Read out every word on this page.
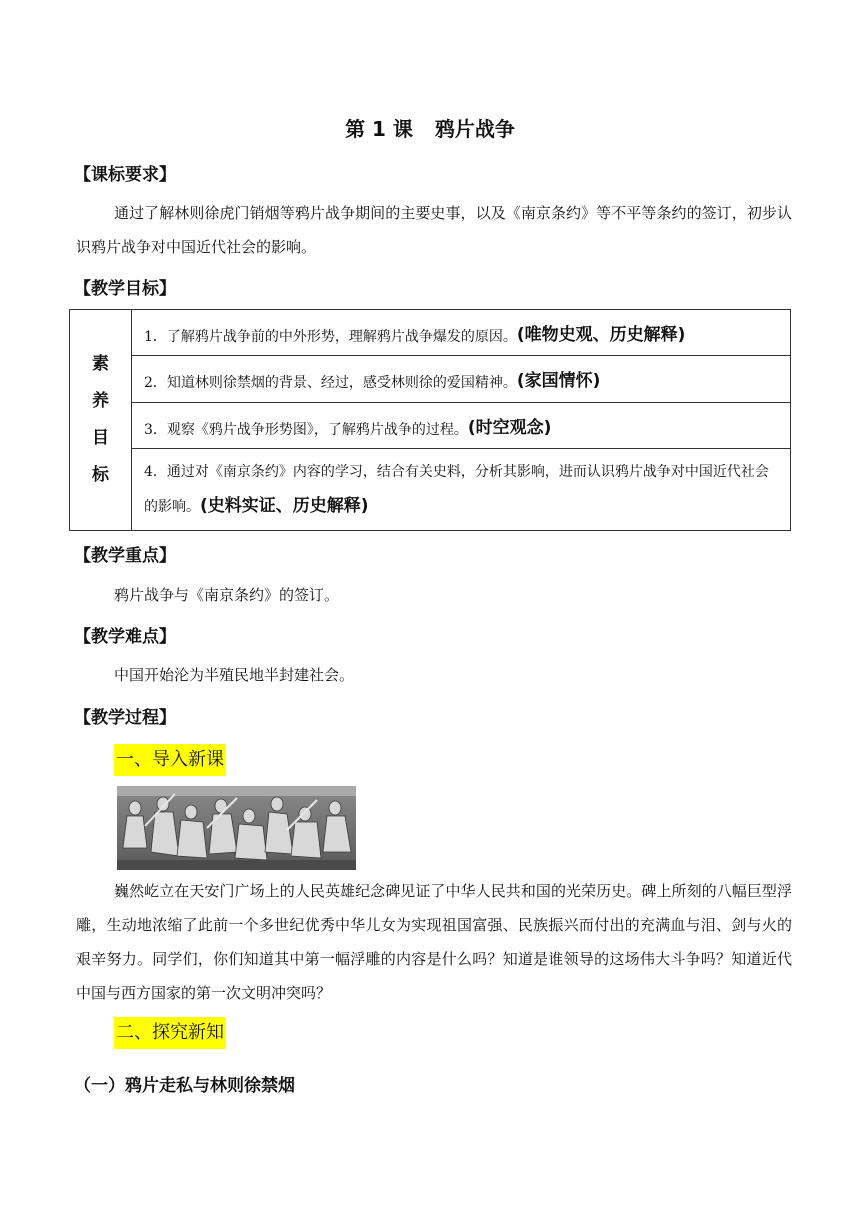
第 1 课 鸦片战争
【课标要求】
通过了解林则徐虎门销烟等鸦片战争期间的主要史事，以及《南京条约》等不平等条约的签订，初步认识鸦片战争对中国近代社会的影响。
【教学目标】
素
养
目
标
	1．了解鸦片战争前的中外形势，理解鸦片战争爆发的原因。(唯物史观、历史解释)
2．知道林则徐禁烟的背景、经过，感受林则徐的爱国精神。(家国情怀)
3．观察《鸦片战争形势图》，了解鸦片战争的过程。(时空观念)
4．通过对《南京条约》内容的学习，结合有关史料，分析其影响，进而认识鸦片战争对中国近代社会的影响。(史料实证、历史解释)
【教学重点】
鸦片战争与《南京条约》的签订。
【教学难点】
中国开始沦为半殖民地半封建社会。
【教学过程】
一、导入新课
巍然屹立在天安门广场上的人民英雄纪念碑见证了中华人民共和国的光荣历史。碑上所刻的八幅巨型浮雕，生动地浓缩了此前一个多世纪优秀中华儿女为实现祖国富强、民族振兴而付出的充满血与泪、剑与火的艰辛努力。同学们，你们知道其中第一幅浮雕的内容是什么吗？知道是谁领导的这场伟大斗争吗？知道近代中国与西方国家的第一次文明冲突吗？
二、探究新知
（一）鸦片走私与林则徐禁烟
